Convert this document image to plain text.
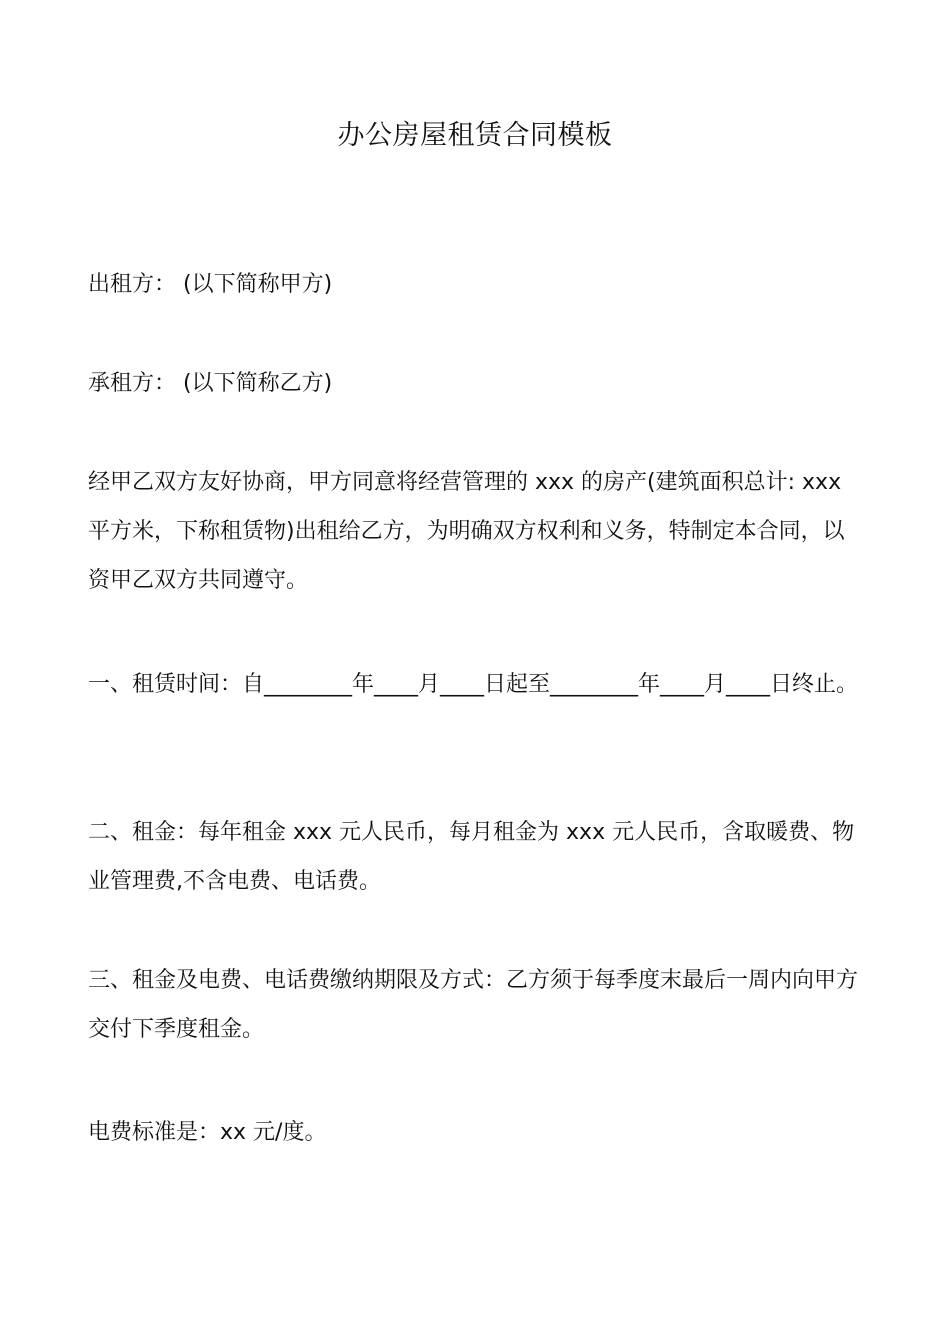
办公房屋租赁合同模板

出租方： (以下简称甲方)

承租方： (以下简称乙方)

经甲乙双方友好协商，甲方同意将经营管理的 xxx 的房产(建筑面积总计: xxx 平方米，下称租赁物)出租给乙方，为明确双方权利和义务，特制定本合同，以资甲乙双方共同遵守。

一、租赁时间：自________年____月____日起至________年____月____日终止。

二、租金：每年租金 xxx 元人民币，每月租金为 xxx 元人民币，含取暖费、物业管理费,不含电费、电话费。

三、租金及电费、电话费缴纳期限及方式：乙方须于每季度末最后一周内向甲方交付下季度租金。

电费标准是：xx 元/度。
